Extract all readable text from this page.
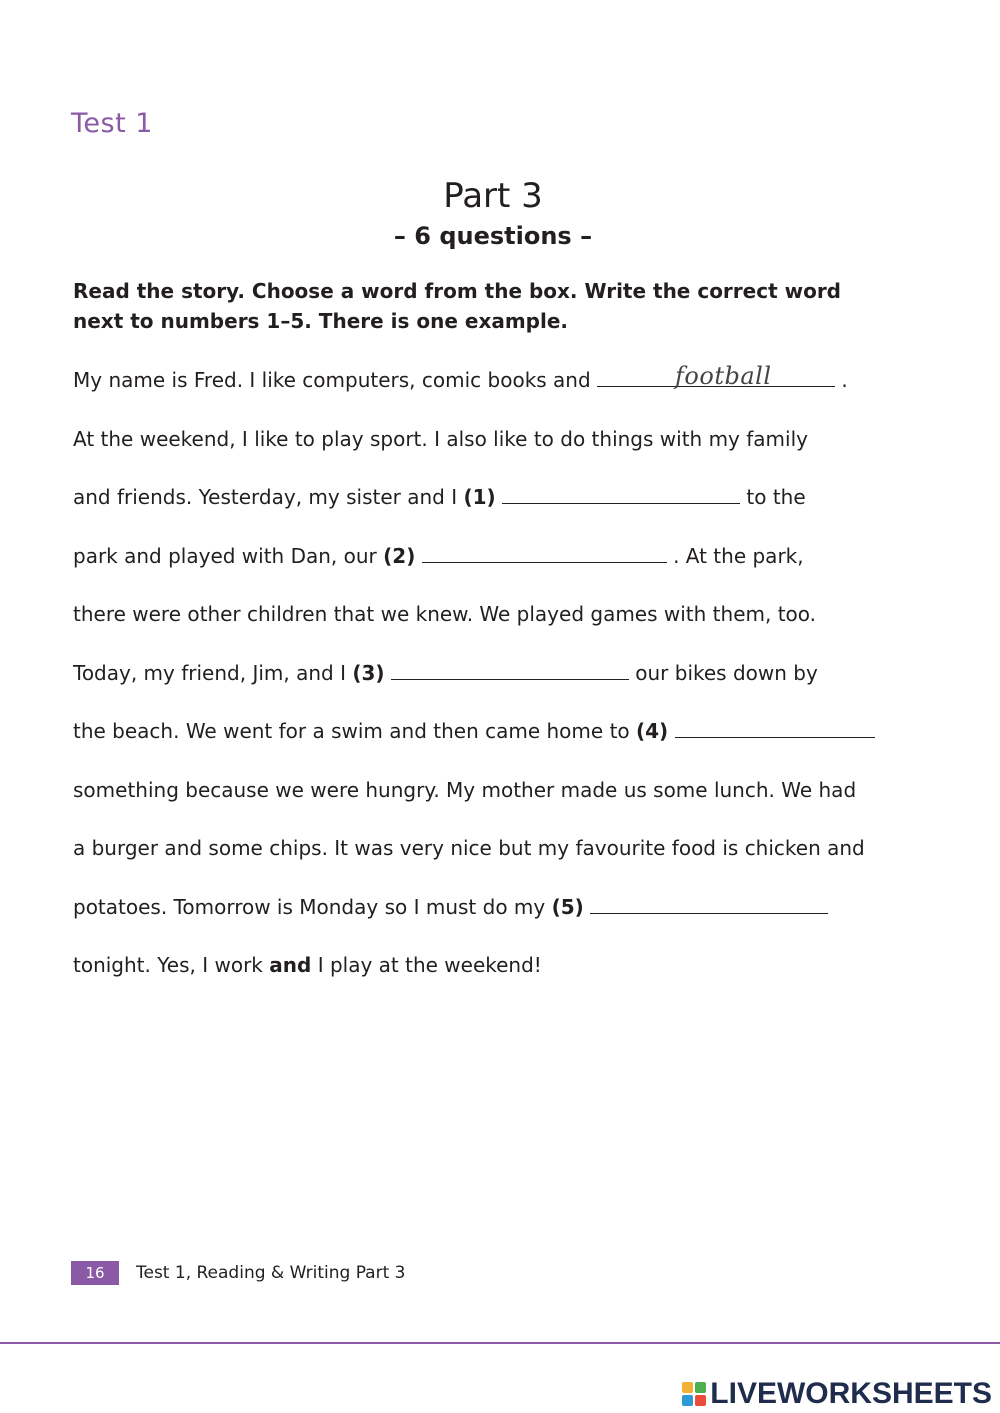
Test 1
Part 3
– 6 questions –
Read the story. Choose a word from the box. Write the correct word
next to numbers 1–5. There is one example.
My name is Fred. I like computers, comic books and	football	.
At the weekend, I like to play sport. I also like to do things with my family
and friends. Yesterday, my sister and I (1)	to the
park and played with Dan, our (2)	. At the park,
there were other children that we knew. We played games with them, too.
Today, my friend, Jim, and I (3)	our bikes down by
the beach. We went for a swim and then came home to (4)
something because we were hungry. My mother made us some lunch. We had
a burger and some chips. It was very nice but my favourite food is chicken and
potatoes. Tomorrow is Monday so I must do my (5)
tonight. Yes, I work and I play at the weekend!
16	Test 1, Reading & Writing Part 3
LIVEWORKSHEETS
